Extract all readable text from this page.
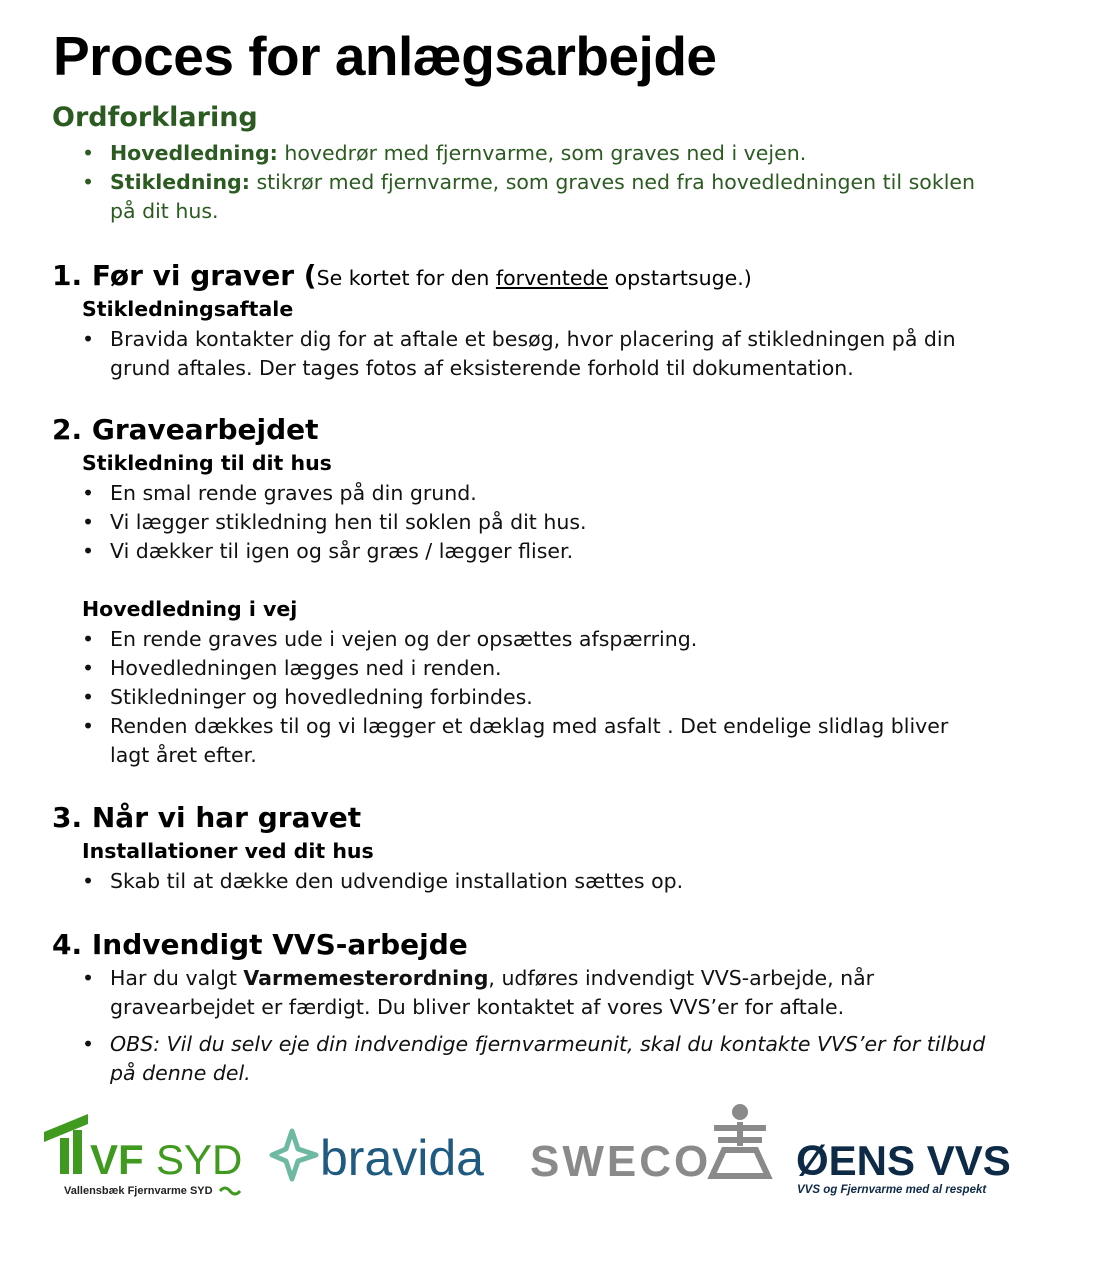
Proces for anlægsarbejde
Ordforklaring
• Hovedledning: hovedrør med fjernvarme, som graves ned i vejen.
• Stikledning: stikrør med fjernvarme, som graves ned fra hovedledningen til soklen på dit hus.
1. Før vi graver (Se kortet for den forventede opstartsuge.)
Stikledningsaftale
• Bravida kontakter dig for at aftale et besøg, hvor placering af stikledningen på din grund aftales. Der tages fotos af eksisterende forhold til dokumentation.
2. Gravearbejdet
Stikledning til dit hus
• En smal rende graves på din grund.
• Vi lægger stikledning hen til soklen på dit hus.
• Vi dækker til igen og sår græs / lægger fliser.
Hovedledning i vej
• En rende graves ude i vejen og der opsættes afspærring.
• Hovedledningen lægges ned i renden.
• Stikledninger og hovedledning forbindes.
• Renden dækkes til og vi lægger et dæklag med asfalt . Det endelige slidlag bliver lagt året efter.
3. Når vi har gravet
Installationer ved dit hus
• Skab til at dække den udvendige installation sættes op.
4. Indvendigt VVS-arbejde
• Har du valgt Varmemesterordning, udføres indvendigt VVS-arbejde, når gravearbejdet er færdigt. Du bliver kontaktet af vores VVS’er for aftale.
• OBS: Vil du selv eje din indvendige fjernvarmeunit, skal du kontakte VVS’er for tilbud på denne del.
VF SYD
Vallensbæk Fjernvarme SYD
bravida SWECO ØENS VVS
VVS og Fjernvarme med al respekt
